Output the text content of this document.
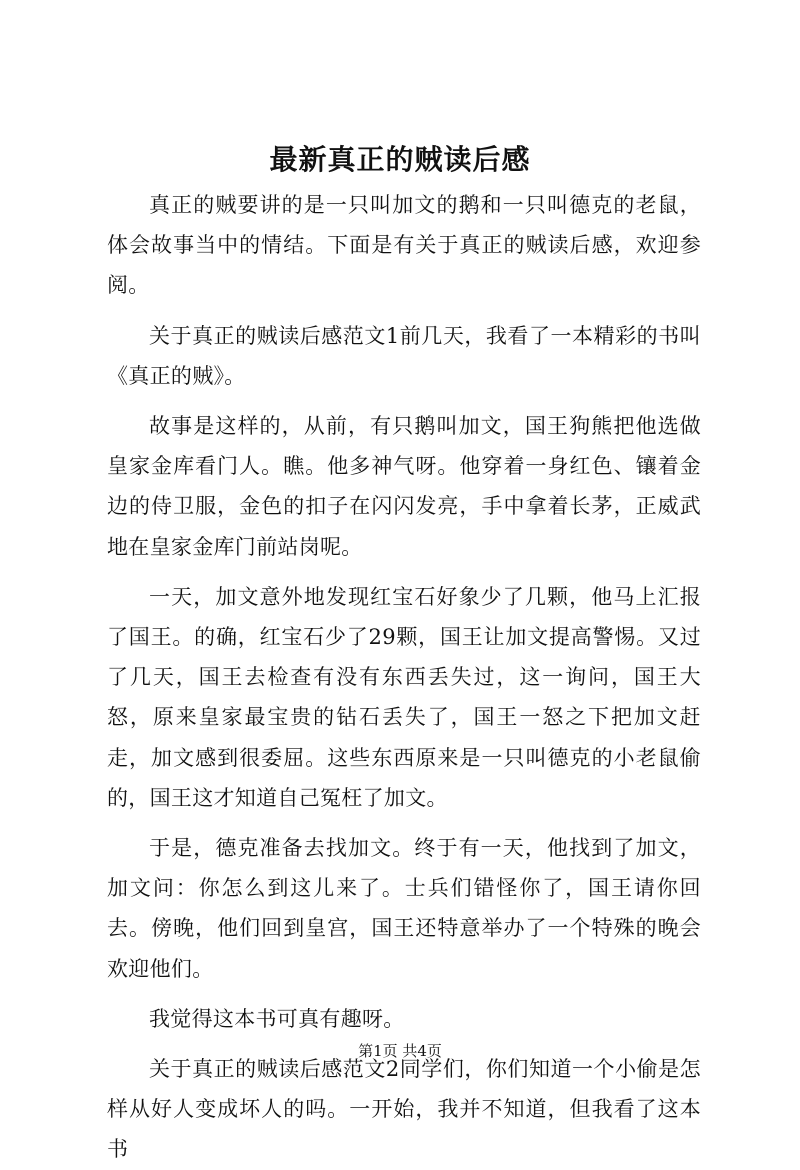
最新真正的贼读后感

真正的贼要讲的是一只叫加文的鹅和一只叫德克的老鼠，体会故事当中的情结。下面是有关于真正的贼读后感，欢迎参阅。

关于真正的贼读后感范文1前几天，我看了一本精彩的书叫《真正的贼》。

故事是这样的，从前，有只鹅叫加文，国王狗熊把他选做皇家金库看门人。瞧。他多神气呀。他穿着一身红色、镶着金边的侍卫服，金色的扣子在闪闪发亮，手中拿着长茅，正威武地在皇家金库门前站岗呢。

一天，加文意外地发现红宝石好象少了几颗，他马上汇报了国王。的确，红宝石少了29颗，国王让加文提高警惕。又过了几天，国王去检查有没有东西丢失过，这一询问，国王大怒，原来皇家最宝贵的钻石丢失了，国王一怒之下把加文赶走，加文感到很委屈。这些东西原来是一只叫德克的小老鼠偷的，国王这才知道自己冤枉了加文。

于是，德克准备去找加文。终于有一天，他找到了加文，加文问：你怎么到这儿来了。士兵们错怪你了，国王请你回去。傍晚，他们回到皇宫，国王还特意举办了一个特殊的晚会欢迎他们。

我觉得这本书可真有趣呀。

关于真正的贼读后感范文2同学们，你们知道一个小偷是怎样从好人变成坏人的吗。一开始，我并不知道，但我看了这本书

第1页 共4页
